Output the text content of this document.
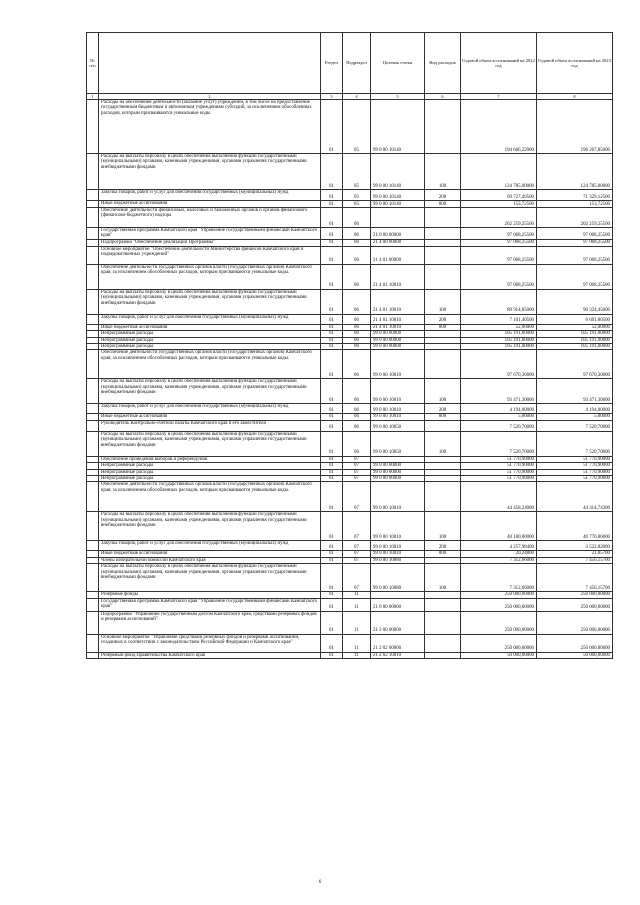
№ п/п		Раздел	Подраздел	Целевая статья	Вид расходов	Годовой объем ассигнований на 2022 год	Годовой объем ассигнований на 2023 год
1	2	3	4	5	6	7	8
	Расходы на обеспечение деятельности (оказание услуг) учреждений, в том числе на предоставление государственным бюджетным и автономным учреждениям субсидий, за исключением обособленных расходов, которым присваиваются уникальные коды	01	05	99 0 00 10140		194 666,22000	196 267,85000
	Расходы на выплаты персоналу в целях обеспечения выполнения функций государственными (муниципальными) органами, казенными учреждениями, органами управления государственными внебюджетными фондами	01	05	99 0 00 10140	100	124 785,00000	124 785,00000
	Закупка товаров, работ и услуг для обеспечения государственных (муниципальных) нужд	01	05	99 0 00 10140	200	69 727,49500	71 329,12500
	Иные бюджетные ассигнования	01	05	99 0 00 10140	800	153,72500	153,72500
	Обеспечение деятельности финансовых, налоговых и таможенных органов и органов финансового (финансово-бюджетного) надзора	01	06			202 259,25500	202 259,25500
	Государственная программа Камчатского края "Управление государственными финансами Камчатского края"	01	06	21 0 00 00000		97 068,25500	97 068,25500
	Подпрограмма "Обеспечение реализации Программы"	01	06	21 4 00 00000		97 068,25500	97 068,25500
	Основное мероприятие "Обеспечение деятельности Министерства финансов Камчатского края и подведомственных учреждений"	01	06	21 4 01 00000		97 068,25500	97 068,25500
	Обеспечение деятельности государственных органов власти (государственных органов) Камчатского края, за исключением обособленных расходов, которым присваиваются уникальные коды.	01	06	21 4 01 10010		97 068,25500	97 068,25500
	Расходы на выплаты персоналу в целях обеспечения выполнения функций государственными (муниципальными) органами, казенными учреждениями, органами управления государственными внебюджетными фондами	01	06	21 4 01 10010	100	89 914,85000	90 324,45000
	Закупка товаров, работ и услуг для обеспечения государственных (муниципальных) нужд	01	06	21 4 01 10010	200	7 101,40500	6 691,80500
	Иные бюджетные ассигнования	01	06	21 4 01 10010	800	52,00000	52,00000
	Непрограммные расходы	01	06	99 0 00 00000		105 191,00000	105 191,00000
	Непрограммные расходы	01	06	99 0 00 00000		105 191,00000	105 191,00000
	Непрограммные расходы	01	06	99 0 00 00000		105 191,00000	105 191,00000
	Обеспечение деятельности государственных органов власти (государственных органов) Камчатского края, за исключением обособленных расходов, которым присваиваются уникальные коды.	01	06	99 0 00 10010		97 670,30000	97 670,30000
	Расходы на выплаты персоналу в целях обеспечения выполнения функций государственными (муниципальными) органами, казенными учреждениями, органами управления государственными внебюджетными фондами	01	06	99 0 00 10010	100	93 471,30000	93 471,30000
	Закупка товаров, работ и услуг для обеспечения государственных (муниципальных) нужд	01	06	99 0 00 10010	200	4 194,00000	4 194,00000
	Иные бюджетные ассигнования	01	06	99 0 00 10010	800	5,00000	5,00000
	Руководитель Контрольно-счетной палаты Камчатского края и его заместители	01	06	99 0 00 10050		7 520,70000	7 520,70000
	Расходы на выплаты персоналу в целях обеспечения выполнения функций государственными (муниципальными) органами, казенными учреждениями, органами управления государственными внебюджетными фондами	01	06	99 0 00 10050	100	7 520,70000	7 520,70000
	Обеспечение проведения выборов и референдумов	01	07			51 770,90000	51 770,90000
	Непрограммные расходы	01	07	99 0 00 00000		51 770,90000	51 770,90000
	Непрограммные расходы	01	07	99 0 00 00000		51 770,90000	51 770,90000
	Непрограммные расходы	01	07	99 0 00 00000		51 770,90000	51 770,90000
	Обеспечение деятельности государственных органов власти (государственных органов) Камчатского края, за исключением обособленных расходов, которым присваиваются уникальные коды.	01	07	99 0 00 10010		44 458,24000	44 314,74300
	Расходы на выплаты персоналу в целях обеспечения выполнения функций государственными (муниципальными) органами, казенными учреждениями, органами управления государственными внебюджетными фондами	01	07	99 0 00 10010	100	40 180,00000	40 770,86000
	Закупка товаров, работ и услуг для обеспечения государственных (муниципальных) нужд	01	07	99 0 00 10010	200	4 257,98400	3 522,82000
	Иные бюджетные ассигнования	01	07	99 0 00 10010	800	20,24800	21,05700
	Члены избирательной комиссии Камчатского края	01	07	99 0 00 10080		7 312,66000	7 456,15700
	Расходы на выплаты персоналу в целях обеспечения выполнения функций государственными (муниципальными) органами, казенными учреждениями, органами управления государственными внебюджетными фондами	01	07	99 0 00 10080	100	7 312,66000	7 456,15700
	Резервные фонды	01	11			250 000,00000	250 000,00000
	Государственная программа Камчатского края "Управление государственными финансами Камчатского края"	01	11	21 0 00 00000		250 000,00000	250 000,00000
	Подпрограмма "Управление государственным долгом Камчатского края, средствами резервных фондов и резервами ассигнований"	01	11	21 2 00 00000		250 000,00000	250 000,00000
	Основное мероприятие "Управление средствами резервных фондов и резервами ассигнований, созданных в соответствии с законодательством Российской Федерации и Камчатского края"	01	11	21 2 02 00000		250 000,00000	250 000,00000
	Резервный фонд Правительства Камчатского края	01	11	21 2 02 10010		50 000,00000	50 000,00000
6
